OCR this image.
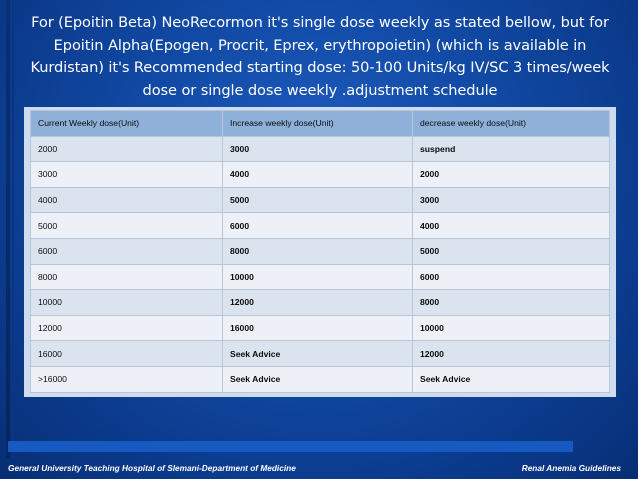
For (Epoitin Beta) NeoRecormon it's single dose weekly as stated bellow, but for Epoitin Alpha(Epogen, Procrit, Eprex, erythropoietin) (which is available in Kurdistan) it's Recommended starting dose: 50-100 Units/kg IV/SC 3 times/week dose or single dose weekly .adjustment schedule
Current Weekly dose(Unit)	Increase weekly dose(Unit)	decrease weekly dose(Unit)
2000	3000	suspend
3000	4000	2000
4000	5000	3000
5000	6000	4000
6000	8000	5000
8000	10000	6000
10000	12000	8000
12000	16000	10000
16000	Seek Advice	12000
>16000	Seek Advice	Seek Advice
General University Teaching Hospital of Slemani-Department of Medicine	Renal Anemia Guidelines
